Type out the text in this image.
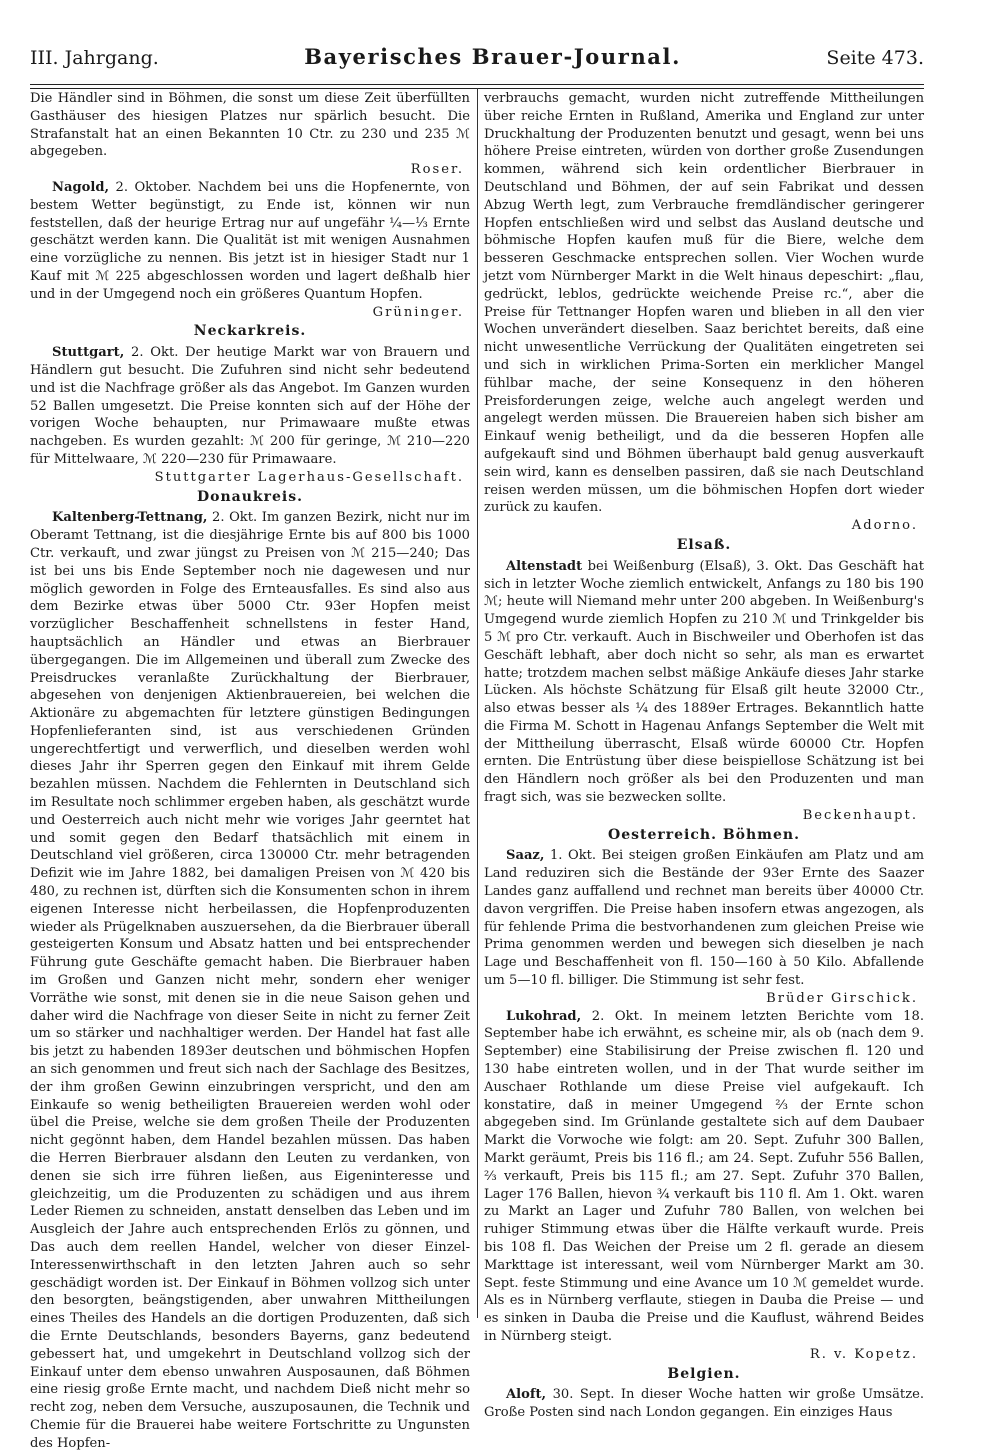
III. Jahrgang.	Bayerisches Brauer-Journal.	Seite 473.

Die Händler sind in Böhmen, die sonst um diese Zeit überfüllten Gasthäuser des hiesigen Platzes nur spärlich besucht. Die Strafanstalt hat an einen Bekannten 10 Ctr. zu 230 und 235 ℳ abgegeben.

Roser.

Nagold, 2. Oktober. Nachdem bei uns die Hopfenernte, von bestem Wetter begünstigt, zu Ende ist, können wir nun feststellen, daß der heurige Ertrag nur auf ungefähr ¼—⅓ Ernte geschätzt werden kann. Die Qualität ist mit wenigen Ausnahmen eine vorzügliche zu nennen. Bis jetzt ist in hiesiger Stadt nur 1 Kauf mit ℳ 225 abgeschlossen worden und lagert deßhalb hier und in der Umgegend noch ein größeres Quantum Hopfen.

Grüninger.

Neckarkreis.

Stuttgart, 2. Okt. Der heutige Markt war von Brauern und Händlern gut besucht. Die Zufuhren sind nicht sehr bedeutend und ist die Nachfrage größer als das Angebot. Im Ganzen wurden 52 Ballen umgesetzt. Die Preise konnten sich auf der Höhe der vorigen Woche behaupten, nur Primawaare mußte etwas nachgeben. Es wurden gezahlt: ℳ 200 für geringe, ℳ 210—220 für Mittelwaare, ℳ 220—230 für Primawaare.

Stuttgarter Lagerhaus-Gesellschaft.

Donaukreis.

Kaltenberg-Tettnang, 2. Okt. Im ganzen Bezirk, nicht nur im Oberamt Tettnang, ist die diesjährige Ernte bis auf 800 bis 1000 Ctr. verkauft, und zwar jüngst zu Preisen von ℳ 215—240; Das ist bei uns bis Ende September noch nie dagewesen und nur möglich geworden in Folge des Ernteausfalles. Es sind also aus dem Bezirke etwas über 5000 Ctr. 93er Hopfen meist vorzüglicher Beschaffenheit schnellstens in fester Hand, hauptsächlich an Händler und etwas an Bierbrauer übergegangen. Die im Allgemeinen und überall zum Zwecke des Preisdruckes veranlaßte Zurückhaltung der Bierbrauer, abgesehen von denjenigen Aktienbrauereien, bei welchen die Aktionäre zu abgemachten für letztere günstigen Bedingungen Hopfenlieferanten sind, ist aus verschiedenen Gründen ungerechtfertigt und verwerflich, und dieselben werden wohl dieses Jahr ihr Sperren gegen den Einkauf mit ihrem Gelde bezahlen müssen. Nachdem die Fehlernten in Deutschland sich im Resultate noch schlimmer ergeben haben, als geschätzt wurde und Oesterreich auch nicht mehr wie voriges Jahr geerntet hat und somit gegen den Bedarf thatsächlich mit einem in Deutschland viel größeren, circa 130000 Ctr. mehr betragenden Defizit wie im Jahre 1882, bei damaligen Preisen von ℳ 420 bis 480, zu rechnen ist, dürften sich die Konsumenten schon in ihrem eigenen Interesse nicht herbeilassen, die Hopfenproduzenten wieder als Prügelknaben auszuersehen, da die Bierbrauer überall gesteigerten Konsum und Absatz hatten und bei entsprechender Führung gute Geschäfte gemacht haben. Die Bierbrauer haben im Großen und Ganzen nicht mehr, sondern eher weniger Vorräthe wie sonst, mit denen sie in die neue Saison gehen und daher wird die Nachfrage von dieser Seite in nicht zu ferner Zeit um so stärker und nachhaltiger werden. Der Handel hat fast alle bis jetzt zu habenden 1893er deutschen und böhmischen Hopfen an sich genommen und freut sich nach der Sachlage des Besitzes, der ihm großen Gewinn einzubringen verspricht, und den am Einkaufe so wenig betheiligten Brauereien werden wohl oder übel die Preise, welche sie dem großen Theile der Produzenten nicht gegönnt haben, dem Handel bezahlen müssen. Das haben die Herren Bierbrauer alsdann den Leuten zu verdanken, von denen sie sich irre führen ließen, aus Eigeninteresse und gleichzeitig, um die Produzenten zu schädigen und aus ihrem Leder Riemen zu schneiden, anstatt denselben das Leben und im Ausgleich der Jahre auch entsprechenden Erlös zu gönnen, und Das auch dem reellen Handel, welcher von dieser Einzel-Interessenwirthschaft in den letzten Jahren auch so sehr geschädigt worden ist. Der Einkauf in Böhmen vollzog sich unter den besorgten, beängstigenden, aber unwahren Mittheilungen eines Theiles des Handels an die dortigen Produzenten, daß sich die Ernte Deutschlands, besonders Bayerns, ganz bedeutend gebessert hat, und umgekehrt in Deutschland vollzog sich der Einkauf unter dem ebenso unwahren Ausposaunen, daß Böhmen eine riesig große Ernte macht, und nachdem Dieß nicht mehr so recht zog, neben dem Versuche, auszuposaunen, die Technik und Chemie für die Brauerei habe weitere Fortschritte zu Ungunsten des Hopfen-

verbrauchs gemacht, wurden nicht zutreffende Mittheilungen über reiche Ernten in Rußland, Amerika und England zur unter Druckhaltung der Produzenten benutzt und gesagt, wenn bei uns höhere Preise eintreten, würden von dorther große Zusendungen kommen, während sich kein ordentlicher Bierbrauer in Deutschland und Böhmen, der auf sein Fabrikat und dessen Abzug Werth legt, zum Verbrauche fremdländischer geringerer Hopfen entschließen wird und selbst das Ausland deutsche und böhmische Hopfen kaufen muß für die Biere, welche dem besseren Geschmacke entsprechen sollen. Vier Wochen wurde jetzt vom Nürnberger Markt in die Welt hinaus depeschirt: „flau, gedrückt, leblos, gedrückte weichende Preise rc.“, aber die Preise für Tettnanger Hopfen waren und blieben in all den vier Wochen unverändert dieselben. Saaz berichtet bereits, daß eine nicht unwesentliche Verrückung der Qualitäten eingetreten sei und sich in wirklichen Prima-Sorten ein merklicher Mangel fühlbar mache, der seine Konsequenz in den höheren Preisforderungen zeige, welche auch angelegt werden und angelegt werden müssen. Die Brauereien haben sich bisher am Einkauf wenig betheiligt, und da die besseren Hopfen alle aufgekauft sind und Böhmen überhaupt bald genug ausverkauft sein wird, kann es denselben passiren, daß sie nach Deutschland reisen werden müssen, um die böhmischen Hopfen dort wieder zurück zu kaufen.

Adorno.

Elsaß.

Altenstadt bei Weißenburg (Elsaß), 3. Okt. Das Geschäft hat sich in letzter Woche ziemlich entwickelt, Anfangs zu 180 bis 190 ℳ; heute will Niemand mehr unter 200 abgeben. In Weißenburg's Umgegend wurde ziemlich Hopfen zu 210 ℳ und Trinkgelder bis 5 ℳ pro Ctr. verkauft. Auch in Bischweiler und Oberhofen ist das Geschäft lebhaft, aber doch nicht so sehr, als man es erwartet hatte; trotzdem machen selbst mäßige Ankäufe dieses Jahr starke Lücken. Als höchste Schätzung für Elsaß gilt heute 32000 Ctr., also etwas besser als ¼ des 1889er Ertrages. Bekanntlich hatte die Firma M. Schott in Hagenau Anfangs September die Welt mit der Mittheilung überrascht, Elsaß würde 60000 Ctr. Hopfen ernten. Die Entrüstung über diese beispiellose Schätzung ist bei den Händlern noch größer als bei den Produzenten und man fragt sich, was sie bezwecken sollte.

Beckenhaupt.

Oesterreich. Böhmen.

Saaz, 1. Okt. Bei steigen großen Einkäufen am Platz und am Land reduziren sich die Bestände der 93er Ernte des Saazer Landes ganz auffallend und rechnet man bereits über 40000 Ctr. davon vergriffen. Die Preise haben insofern etwas angezogen, als für fehlende Prima die bestvorhandenen zum gleichen Preise wie Prima genommen werden und bewegen sich dieselben je nach Lage und Beschaffenheit von fl. 150—160 à 50 Kilo. Abfallende um 5—10 fl. billiger. Die Stimmung ist sehr fest.

Brüder Girschick.

Lukohrad, 2. Okt. In meinem letzten Berichte vom 18. September habe ich erwähnt, es scheine mir, als ob (nach dem 9. September) eine Stabilisirung der Preise zwischen fl. 120 und 130 habe eintreten wollen, und in der That wurde seither im Auschaer Rothlande um diese Preise viel aufgekauft. Ich konstatire, daß in meiner Umgegend ⅔ der Ernte schon abgegeben sind. Im Grünlande gestaltete sich auf dem Daubaer Markt die Vorwoche wie folgt: am 20. Sept. Zufuhr 300 Ballen, Markt geräumt, Preis bis 116 fl.; am 24. Sept. Zufuhr 556 Ballen, ⅔ verkauft, Preis bis 115 fl.; am 27. Sept. Zufuhr 370 Ballen, Lager 176 Ballen, hievon ¾ verkauft bis 110 fl. Am 1. Okt. waren zu Markt an Lager und Zufuhr 780 Ballen, von welchen bei ruhiger Stimmung etwas über die Hälfte verkauft wurde. Preis bis 108 fl. Das Weichen der Preise um 2 fl. gerade an diesem Markttage ist interessant, weil vom Nürnberger Markt am 30. Sept. feste Stimmung und eine Avance um 10 ℳ gemeldet wurde. Als es in Nürnberg verflaute, stiegen in Dauba die Preise — und es sinken in Dauba die Preise und die Kauflust, während Beides in Nürnberg steigt.

R. v. Kopetz.

Belgien.

Aloft, 30. Sept. In dieser Woche hatten wir große Umsätze. Große Posten sind nach London gegangen. Ein einziges Haus
